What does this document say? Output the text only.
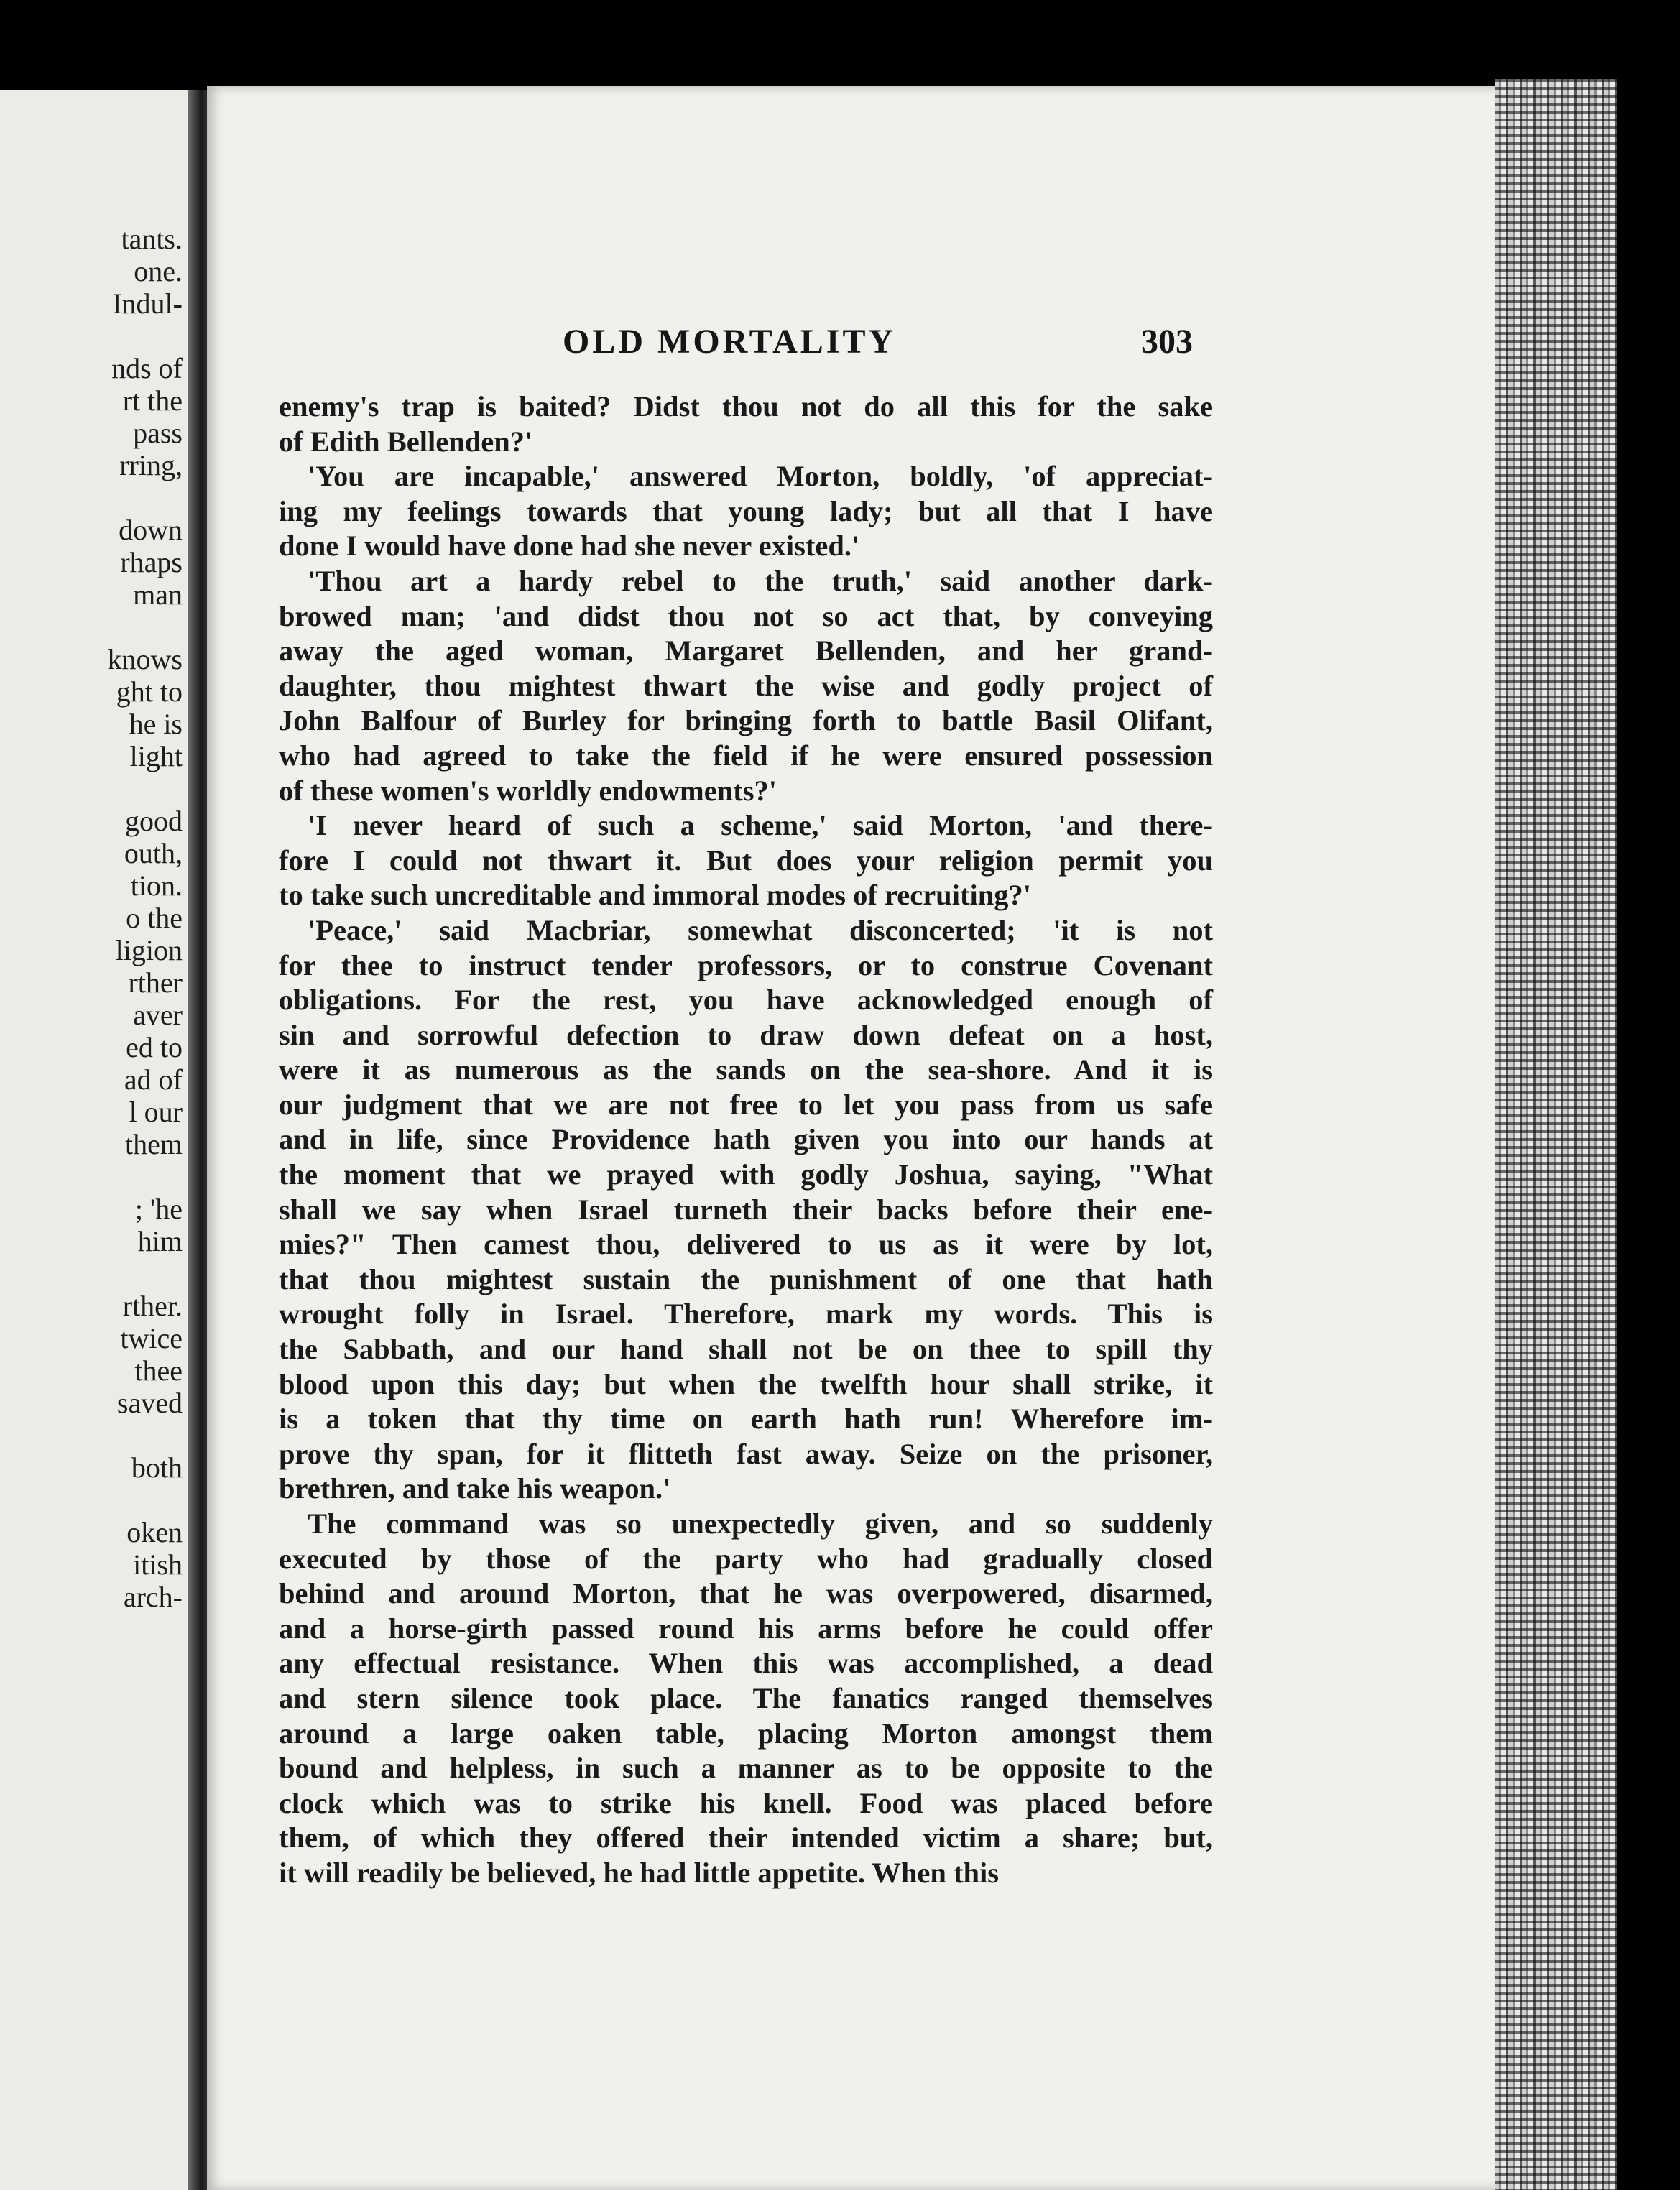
tants.
one.
Indul-
nds of
rt the
pass
rring,
down
rhaps
man
knows
ght to
he is
light
good
outh,
tion.
o the
ligion
rther
aver
ed to
ad of
l our
them
; 'he
him
rther.
twice
thee
saved
both
oken
itish
arch-
OLD MORTALITY	303
enemy's trap is baited? Didst thou not do all this for the sake
of Edith Bellenden?'
'You are incapable,' answered Morton, boldly, 'of appreciat-
ing my feelings towards that young lady; but all that I have
done I would have done had she never existed.'
'Thou art a hardy rebel to the truth,' said another dark-
browed man; 'and didst thou not so act that, by conveying
away the aged woman, Margaret Bellenden, and her grand-
daughter, thou mightest thwart the wise and godly project of
John Balfour of Burley for bringing forth to battle Basil Olifant,
who had agreed to take the field if he were ensured possession
of these women's worldly endowments?'
'I never heard of such a scheme,' said Morton, 'and there-
fore I could not thwart it. But does your religion permit you
to take such uncreditable and immoral modes of recruiting?'
'Peace,' said Macbriar, somewhat disconcerted; 'it is not
for thee to instruct tender professors, or to construe Covenant
obligations. For the rest, you have acknowledged enough of
sin and sorrowful defection to draw down defeat on a host,
were it as numerous as the sands on the sea-shore. And it is
our judgment that we are not free to let you pass from us safe
and in life, since Providence hath given you into our hands at
the moment that we prayed with godly Joshua, saying, "What
shall we say when Israel turneth their backs before their ene-
mies?" Then camest thou, delivered to us as it were by lot,
that thou mightest sustain the punishment of one that hath
wrought folly in Israel. Therefore, mark my words. This is
the Sabbath, and our hand shall not be on thee to spill thy
blood upon this day; but when the twelfth hour shall strike, it
is a token that thy time on earth hath run! Wherefore im-
prove thy span, for it flitteth fast away. Seize on the prisoner,
brethren, and take his weapon.'
The command was so unexpectedly given, and so suddenly
executed by those of the party who had gradually closed
behind and around Morton, that he was overpowered, disarmed,
and a horse-girth passed round his arms before he could offer
any effectual resistance. When this was accomplished, a dead
and stern silence took place. The fanatics ranged themselves
around a large oaken table, placing Morton amongst them
bound and helpless, in such a manner as to be opposite to the
clock which was to strike his knell. Food was placed before
them, of which they offered their intended victim a share; but,
it will readily be believed, he had little appetite. When this
